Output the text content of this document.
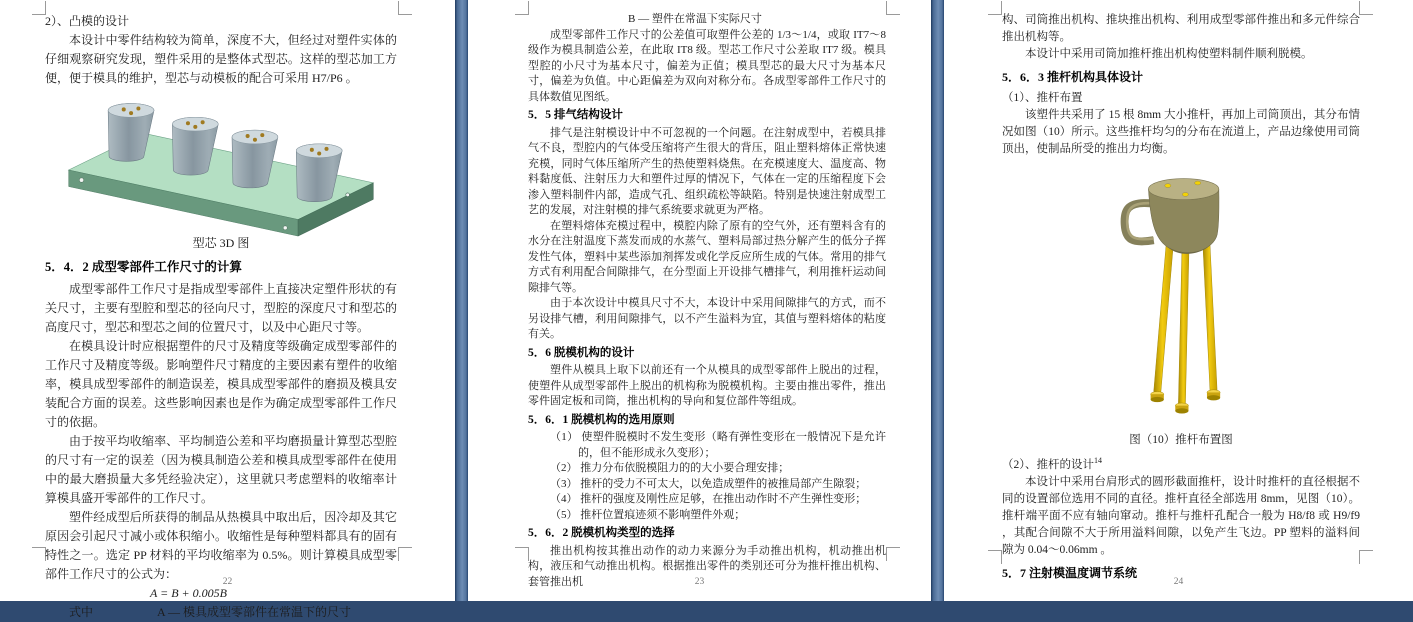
2）、凸模的设计

本设计中零件结构较为简单，深度不大，但经过对塑件实体的仔细观察研究发现，塑件采用的是整体式型芯。这样的型芯加工方便，便于模具的维护，型芯与动模板的配合可采用 H7/P6 。

型芯 3D 图

5．4．2 成型零部件工作尺寸的计算

成型零部件工作尺寸是指成型零部件上直接决定塑件形状的有关尺寸，主要有型腔和型芯的径向尺寸，型腔的深度尺寸和型芯的高度尺寸，型芯和型芯之间的位置尺寸，以及中心距尺寸等。

在模具设计时应根据塑件的尺寸及精度等级确定成型零部件的工作尺寸及精度等级。影响塑件尺寸精度的主要因素有塑件的收缩率，模具成型零部件的制造误差，模具成型零部件的磨损及模具安装配合方面的误差。这些影响因素也是作为确定成型零部件工作尺寸的依据。

由于按平均收缩率、平均制造公差和平均磨损量计算型芯型腔的尺寸有一定的误差（因为模具制造公差和模具成型零部件在使用中的最大磨损量大多凭经验决定），这里就只考虑塑料的收缩率计算模具盛开零部件的工作尺寸。

塑件经成型后所获得的制品从热模具中取出后，因冷却及其它原因会引起尺寸减小或体积缩小。收缩性是每种塑料都具有的固有特性之一。选定 PP 材料的平均收缩率为 0.5%。则计算模具成型零部件工作尺寸的公式为：

A = B + 0.005B

式中	A — 模具成型零部件在常温下的尺寸

22

B — 塑件在常温下实际尺寸

成型零部件工作尺寸的公差值可取塑件公差的 1/3～1/4，或取 IT7～8 级作为模具制造公差，在此取 IT8 级。型芯工作尺寸公差取 IT7 级。模具型腔的小尺寸为基本尺寸，偏差为正值；模具型芯的最大尺寸为基本尺寸，偏差为负值。中心距偏差为双向对称分布。各成型零部件工作尺寸的具体数值见图纸。

5．5 排气结构设计

排气是注射模设计中不可忽视的一个问题。在注射成型中，若模具排气不良，型腔内的气体受压缩将产生很大的背压，阻止塑料熔体正常快速充模，同时气体压缩所产生的热使塑料烧焦。在充模速度大、温度高、物料黏度低、注射压力大和塑件过厚的情况下，气体在一定的压缩程度下会渗入塑料制件内部，造成气孔、组织疏松等缺陷。特别是快速注射成型工艺的发展，对注射模的排气系统要求就更为严格。

在塑料熔体充模过程中，模腔内除了原有的空气外，还有塑料含有的水分在注射温度下蒸发而成的水蒸气、塑料局部过热分解产生的低分子挥发性气体，塑料中某些添加剂挥发或化学反应所生成的气体。常用的排气方式有利用配合间隙排气，在分型面上开设排气槽排气，利用推杆运动间隙排气等。

由于本次设计中模具尺寸不大，本设计中采用间隙排气的方式，而不另设排气槽，利用间隙排气，以不产生溢料为宜，其值与塑料熔体的粘度有关。

5．6 脱模机构的设计

塑件从模具上取下以前还有一个从模具的成型零部件上脱出的过程，使塑件从成型零部件上脱出的机构称为脱模机构。主要由推出零件，推出零件固定板和司筒，推出机构的导向和复位部件等组成。

5．6．1 脱模机构的选用原则

（1） 使塑件脱模时不发生变形（略有弹性变形在一般情况下是允许的，但不能形成永久变形）；

（2） 推力分布依脱模阻力的的大小要合理安排；

（3） 推杆的受力不可太大，以免造成塑件的被推局部产生隙裂；

（4） 推杆的强度及刚性应足够，在推出动作时不产生弹性变形；

（5） 推杆位置痕迹须不影响塑件外观；

5．6．2 脱模机构类型的选择

推出机构按其推出动作的动力来源分为手动推出机构，机动推出机构，液压和气动推出机构。根据推出零件的类别还可分为推杆推出机构、套管推出机	23

构、司筒推出机构、推块推出机构、利用成型零部件推出和多元件综合推出机构等。

本设计中采用司筒加推杆推出机构使塑料制件顺利脱模。

5．6．3 推杆机构具体设计

（1）、推杆布置

该塑件共采用了 15 根 8mm 大小推杆，再加上司筒顶出，其分布情况如图（10）所示。这些推杆均匀的分布在流道上，产品边缘使用司筒顶出，使制品所受的推出力均衡。

图（10）推杆布置图

（2）、推杆的设计$^{14}$

本设计中采用台肩形式的圆形截面推杆，设计时推杆的直径根据不同的设置部位选用不同的直径。推杆直径全部选用 8mm，见图（10）。推杆端平面不应有轴向窜动。推杆与推杆孔配合一般为 H8/f8 或 H9/f9 ，其配合间隙不大于所用溢料间隙，以免产生飞边。PP 塑料的溢料间隙为 0.04～0.06mm 。

5．7 注射模温度调节系统

24
